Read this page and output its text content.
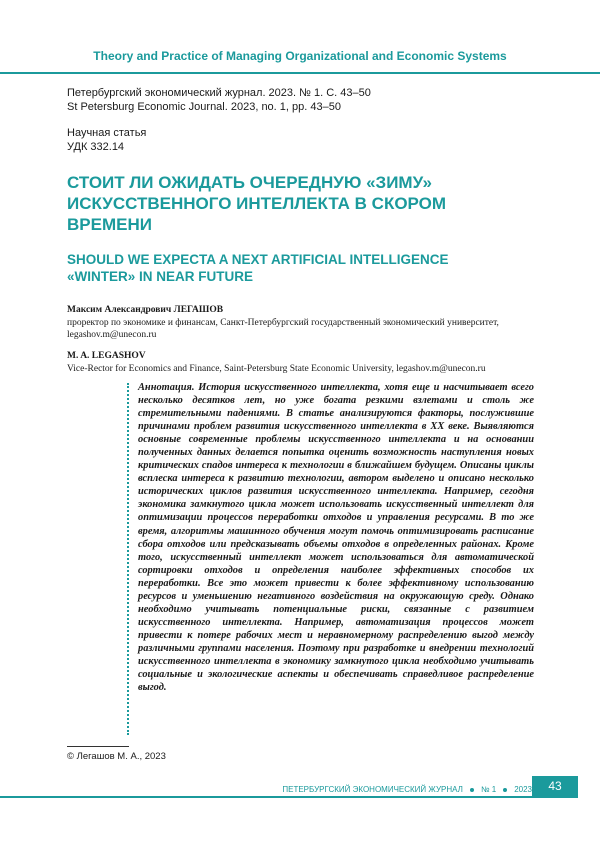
Theory and Practice of Managing Organizational and Economic Systems
Петербургский экономический журнал. 2023. № 1. С. 43–50
St Petersburg Economic Journal. 2023, no. 1, pp. 43–50
Научная статья
УДК 332.14
СТОИТ ЛИ ОЖИДАТЬ ОЧЕРЕДНУЮ «ЗИМУ» ИСКУССТВЕННОГО ИНТЕЛЛЕКТА В СКОРОМ ВРЕМЕНИ
SHOULD WE EXPECTA A NEXT ARTIFICIAL INTELLIGENCE «WINTER» IN NEAR FUTURE
Максим Александрович ЛЕГАШОВ
проректор по экономике и финансам, Санкт-Петербургский государственный экономический университет,
legashov.m@unecon.ru
M. A. LEGASHOV
Vice-Rector for Economics and Finance, Saint-Petersburg State Economic University, legashov.m@unecon.ru

Аннотация. История искусственного интеллекта, хотя еще и насчитывает всего несколько десятков лет, но уже богата резкими взлетами и столь же стремительными падениями. В статье анализируются факторы, послужившие причинами проблем развития искусственного интеллекта в XX веке. Выявляются основные современные проблемы искусственного интеллекта и на основании полученных данных делается попытка оценить возможность наступления новых критических спадов интереса к технологии в ближайшем будущем. Описаны циклы всплеска интереса к развитию технологии, автором выделено и описано несколько исторических циклов развития искусственного интеллекта. Например, сегодня экономика замкнутого цикла может использовать искусственный интеллект для оптимизации процессов переработки отходов и управления ресурсами. В то же время, алгоритмы машинного обучения могут помочь оптимизировать расписание сбора отходов или предсказывать объемы отходов в определенных районах. Кроме того, искусственный интеллект может использоваться для автоматической сортировки отходов и определения наиболее эффективных способов их переработки. Все это может привести к более эффективному использованию ресурсов и уменьшению негативного воздействия на окружающую среду. Однако необходимо учитывать потенциальные риски, связанные с развитием искусственного интеллекта. Например, автоматизация процессов может привести к потере рабочих мест и неравномерному распределению выгод между различными группами населения. Поэтому при разработке и внедрении технологий искусственного интеллекта в экономику замкнутого цикла необходимо учитывать социальные и экологические аспекты и обеспечивать справедливое распределение выгод.

© Легашов М. А., 2023
ПЕТЕРБУРГСКИЙ ЭКОНОМИЧЕСКИЙ ЖУРНАЛ № 1 2023	43
